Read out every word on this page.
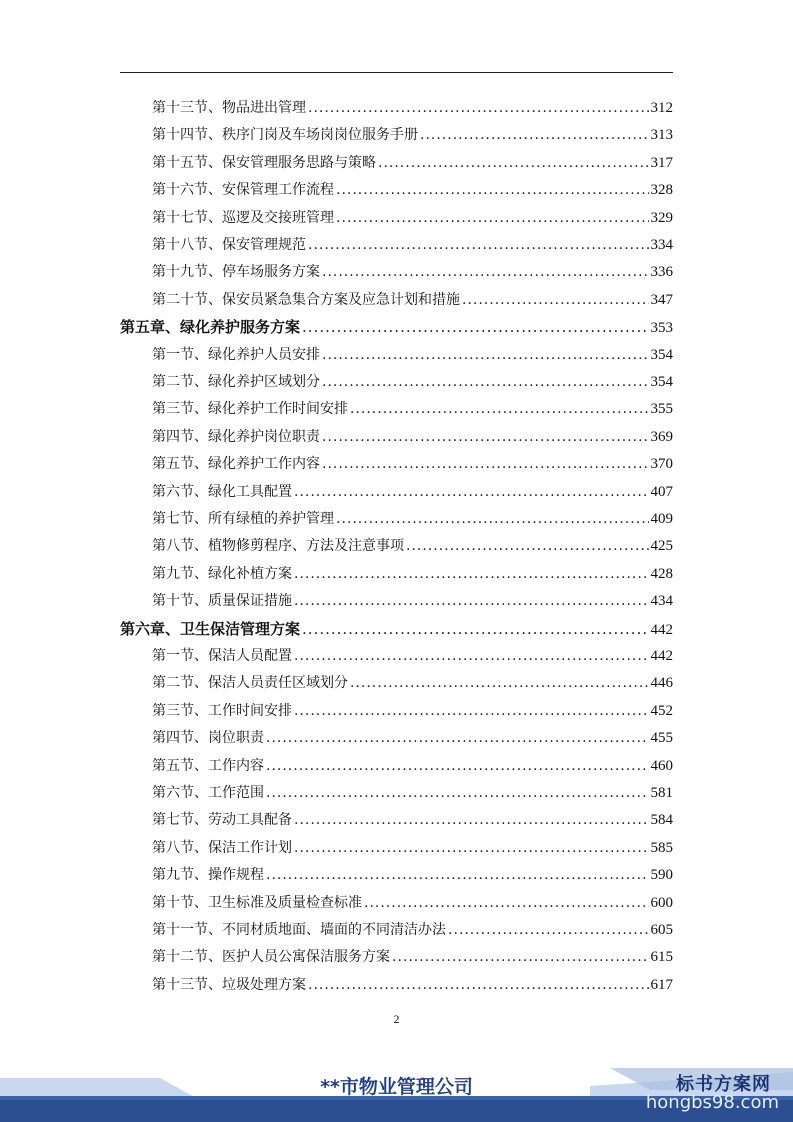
第十三节、物品进出管理 .....	312
第十四节、秩序门岗及车场岗岗位服务手册 .....	313
第十五节、保安管理服务思路与策略 .....	317
第十六节、安保管理工作流程 .....	328
第十七节、巡逻及交接班管理 .....	329
第十八节、保安管理规范 .....	334
第十九节、停车场服务方案 .....	336
第二十节、保安员紧急集合方案及应急计划和措施 .....	347
第五章、绿化养护服务方案 .....	353
第一节、绿化养护人员安排 .....	354
第二节、绿化养护区域划分 .....	354
第三节、绿化养护工作时间安排 .....	355
第四节、绿化养护岗位职责 .....	369
第五节、绿化养护工作内容 .....	370
第六节、绿化工具配置 .....	407
第七节、所有绿植的养护管理 .....	409
第八节、植物修剪程序、方法及注意事项 .....	425
第九节、绿化补植方案 .....	428
第十节、质量保证措施 .....	434
第六章、卫生保洁管理方案 .....	442
第一节、保洁人员配置 .....	442
第二节、保洁人员责任区域划分 .....	446
第三节、工作时间安排 .....	452
第四节、岗位职责 .....	455
第五节、工作内容 .....	460
第六节、工作范围 .....	581
第七节、劳动工具配备 .....	584
第八节、保洁工作计划 .....	585
第九节、操作规程 .....	590
第十节、卫生标准及质量检查标准 .....	600
第十一节、不同材质地面、墙面的不同清洁办法 .....	605
第十二节、医护人员公寓保洁服务方案 .....	615
第十三节、垃圾处理方案 .....	617
2
**市物业管理公司	标书方案网
hongbs98.com
